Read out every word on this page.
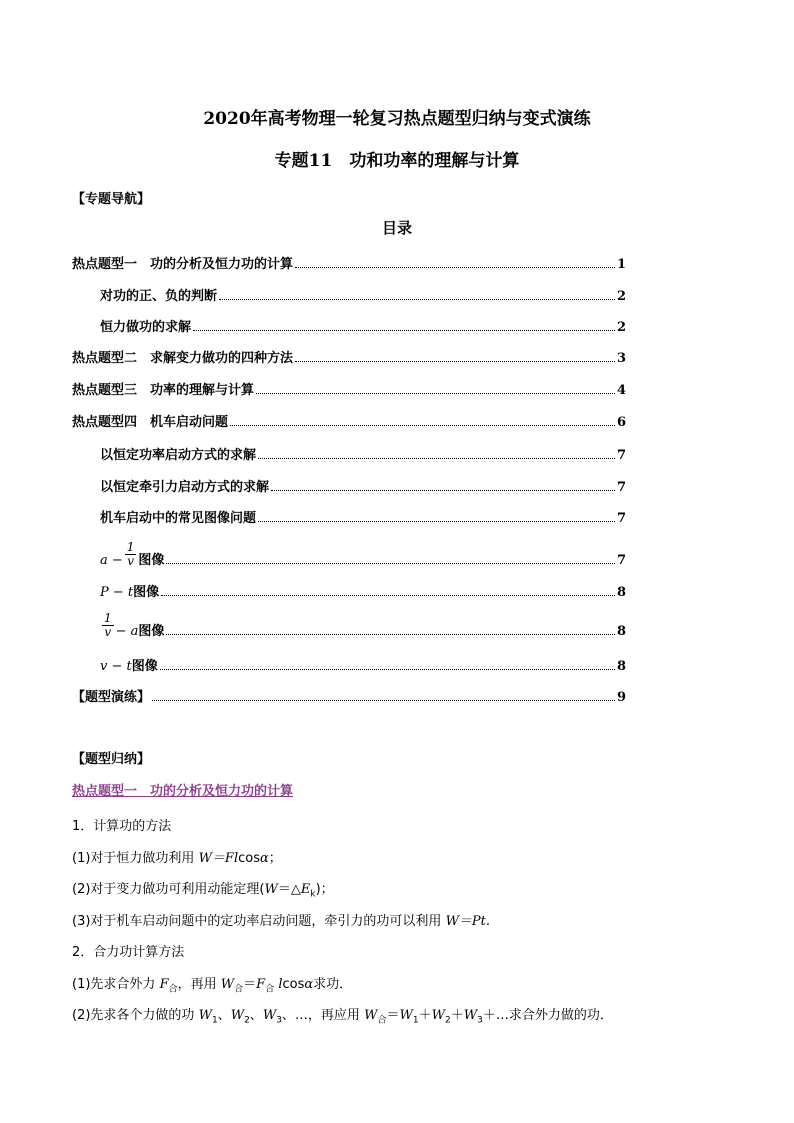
2020年高考物理一轮复习热点题型归纳与变式演练
专题11　功和功率的理解与计算
【专题导航】
目录
热点题型一　功的分析及恒力功的计算	1
对功的正、负的判断	2
恒力做功的求解	2
热点题型二　求解变力做功的四种方法	3
热点题型三　功率的理解与计算	4
热点题型四　机车启动问题	6
以恒定功率启动方式的求解	7
以恒定牵引力启动方式的求解	7
机车启动中的常见图像问题	7
$a - \frac{1}{v}$ 图像	7
P − t 图像	8
$\frac{1}{v} - a$ 图像	8
v − t 图像	8
【题型演练】	9
【题型归纳】
热点题型一　功的分析及恒力功的计算
1．计算功的方法
(1)对于恒力做功利用 W＝Flcosα；
(2)对于变力做功可利用动能定理$(W=\triangle E_k)$；
(3)对于机车启动问题中的定功率启动问题，牵引力的功可以利用 W＝Pt.
2．合力功计算方法
(1)先求合外力 $F_合$，再用 $W_合=F_合$ lcosα求功．
(2)先求各个力做的功 $W_1$、$W_2$、$W_3$、…，再应用 $W_合=W_1+W_2+W_3+\dots$求合外力做的功．
